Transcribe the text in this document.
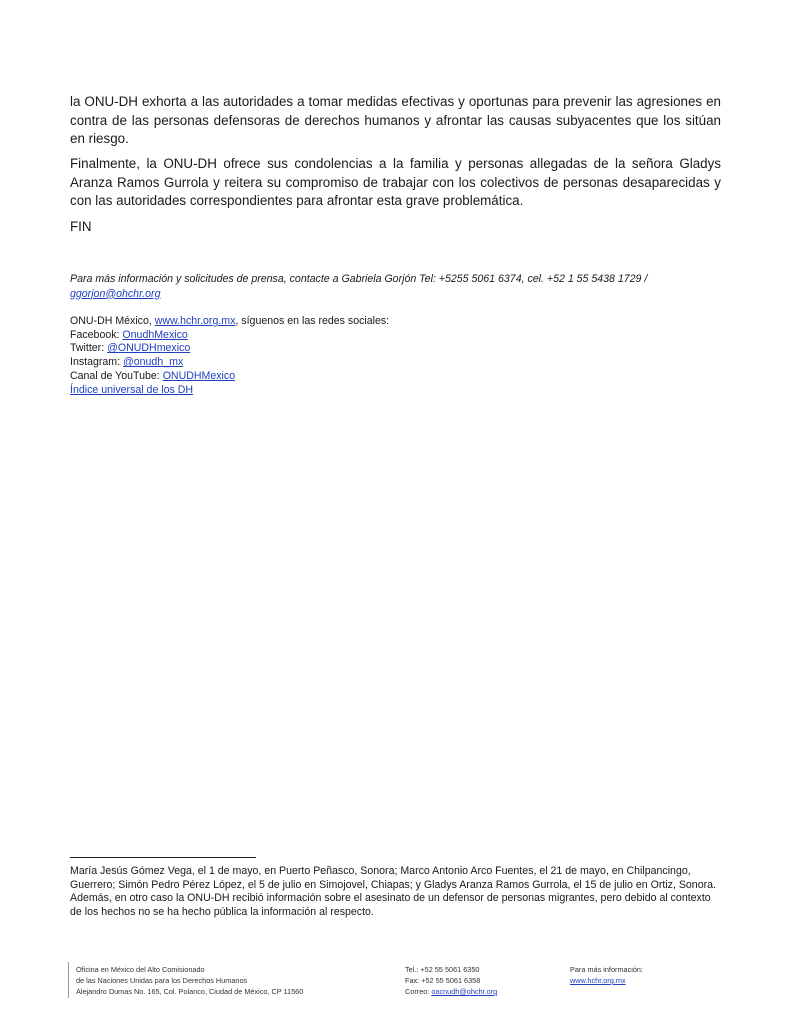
la ONU-DH exhorta a las autoridades a tomar medidas efectivas y oportunas para prevenir las agresiones en contra de las personas defensoras de derechos humanos y afrontar las causas subyacentes que los sitúan en riesgo.

Finalmente, la ONU-DH ofrece sus condolencias a la familia y personas allegadas de la señora Gladys Aranza Ramos Gurrola y reitera su compromiso de trabajar con los colectivos de personas desaparecidas y con las autoridades correspondientes para afrontar esta grave problemática.

FIN

Para más información y solicitudes de prensa, contacte a Gabriela Gorjón Tel: +5255 5061 6374, cel. +52 1 55 5438 1729 / ggorjon@ohchr.org

ONU-DH México, www.hchr.org.mx, síguenos en las redes sociales:
Facebook: OnudhMexico
Twitter: @ONUDHmexico
Instagram: @onudh_mx
Canal de YouTube: ONUDHMexico
Índice universal de los DH

María Jesús Gómez Vega, el 1 de mayo, en Puerto Peñasco, Sonora; Marco Antonio Arco Fuentes, el 21 de mayo, en Chilpancingo, Guerrero; Simón Pedro Pérez López, el 5 de julio en Simojovel, Chiapas; y Gladys Aranza Ramos Gurrola, el 15 de julio en Ortiz, Sonora. Además, en otro caso la ONU-DH recibió información sobre el asesinato de un defensor de personas migrantes, pero debido al contexto de los hechos no se ha hecho pública la información al respecto.

Oficina en México del Alto Comisionado
de las Naciones Unidas para los Derechos Humanos
Alejandro Dumas No. 165, Col. Polanco, Ciudad de México, CP 11560
Tel.: +52 55 5061 6350
Fax: +52 55 5061 6358
Correo: oacnudh@ohchr.org
Para más información:
www.hchr.org.mx
